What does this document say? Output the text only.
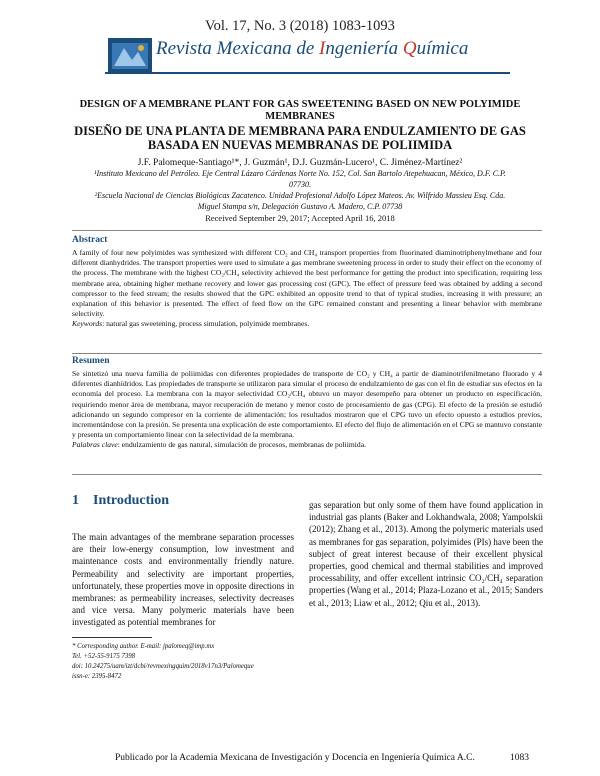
Vol. 17, No. 3 (2018) 1083-1093
Revista Mexicana de Ingeniería Química
DESIGN OF A MEMBRANE PLANT FOR GAS SWEETENING BASED ON NEW POLYIMIDE MEMBRANES
DISEÑO DE UNA PLANTA DE MEMBRANA PARA ENDULZAMIENTO DE GAS BASADA EN NUEVAS MEMBRANAS DE POLIIMIDA
J.F. Palomeque-Santiago¹*, J. Guzmán¹, D.J. Guzmán-Lucero¹, C. Jiménez-Martínez²
¹Instituto Mexicano del Petróleo. Eje Central Lázaro Cárdenas Norte No. 152, Col. San Bartolo Atepehuacan, México, D.F. C.P. 07730.
²Escuela Nacional de Ciencias Biológicas Zacatenco. Unidad Profesional Adolfo López Mateos. Av. Wilfrido Massieu Esq. Cda. Miguel Stampa s/n, Delegación Gustavo A. Madero, C.P. 07738
Received September 29, 2017; Accepted April 16, 2018
Abstract
A family of four new polyimides was synthesized with different CO₂ and CH₄ transport properties from fluorinated diaminotriphenylmethane and four different dianhydrides. The transport properties were used to simulate a gas membrane sweetening process in order to study their effect on the economy of the process. The membrane with the highest CO₂/CH₄ selectivity achieved the best performance for getting the product into specification, requiring less membrane area, obtaining higher methane recovery and lower gas processing cost (GPC). The effect of pressure feed was obtained by adding a second compressor to the feed stream; the results showed that the GPC exhibited an opposite trend to that of typical studies, increasing it with pressure; an explanation of this behavior is presented. The effect of feed flow on the GPC remained constant and presenting a linear behavior with membrane selectivity.
Keywords: natural gas sweetening, process simulation, polyimide membranes.
Resumen
Se sintetizó una nueva familia de poliimidas con diferentes propiedades de transporte de CO₂ y CH₄ a partir de diaminotrifenilmetano fluorado y 4 diferentes dianhídridos. Las propiedades de transporte se utilizaron para simular el proceso de endulzamiento de gas con el fin de estudiar sus efectos en la economía del proceso. La membrana con la mayor selectividad CO₂/CH₄ obtuvo un mayor desempeño para obtener un producto en especificación, requiriendo menor área de membrana, mayor recuperación de metano y menor costo de procesamiento de gas (CPG). El efecto de la presión se estudió adicionando un segundo compresor en la corriente de alimentación; los resultados mostraron que el CPG tuvo un efecto opuesto a estudios previos, incrementándose con la presión. Se presenta una explicación de este comportamiento. El efecto del flujo de alimentación en el CPG se mantuvo constante y presenta un comportamiento linear con la selectividad de la membrana.
Palabras clave: endulzamiento de gas natural, simulación de procesos, membranas de poliimida.
1 Introduction
The main advantages of the membrane separation processes are their low-energy consumption, low investment and maintenance costs and environmentally friendly nature. Permeability and selectivity are important properties, unfortunately, these properties move in opposite directions in membranes: as permeability increases, selectivity decreases and vice versa. Many polymeric materials have been investigated as potential membranes for
gas separation but only some of them have found application in industrial gas plants (Baker and Lokhandwala, 2008; Yampolskii (2012); Zhang et al., 2013). Among the polymeric materials used as membranes for gas separation, polyimides (PIs) have been the subject of great interest because of their excellent physical properties, good chemical and thermal stabilities and improved processability, and offer excellent intrinsic CO₂/CH₄ separation properties (Wang et al., 2014; Plaza-Lozano et al., 2015; Sanders et al., 2013; Liaw et al., 2012; Qiu et al., 2013).
* Corresponding author. E-mail: jpalomeq@imp.mx
Tel. +52-55-9175 7398
doi: 10.24275/uam/izt/dcbi/revmexingquim/2018v17n3/Palomeque
issn-e: 2395-8472
Publicado por la Academia Mexicana de Investigación y Docencia en Ingeniería Química A.C.	1083
